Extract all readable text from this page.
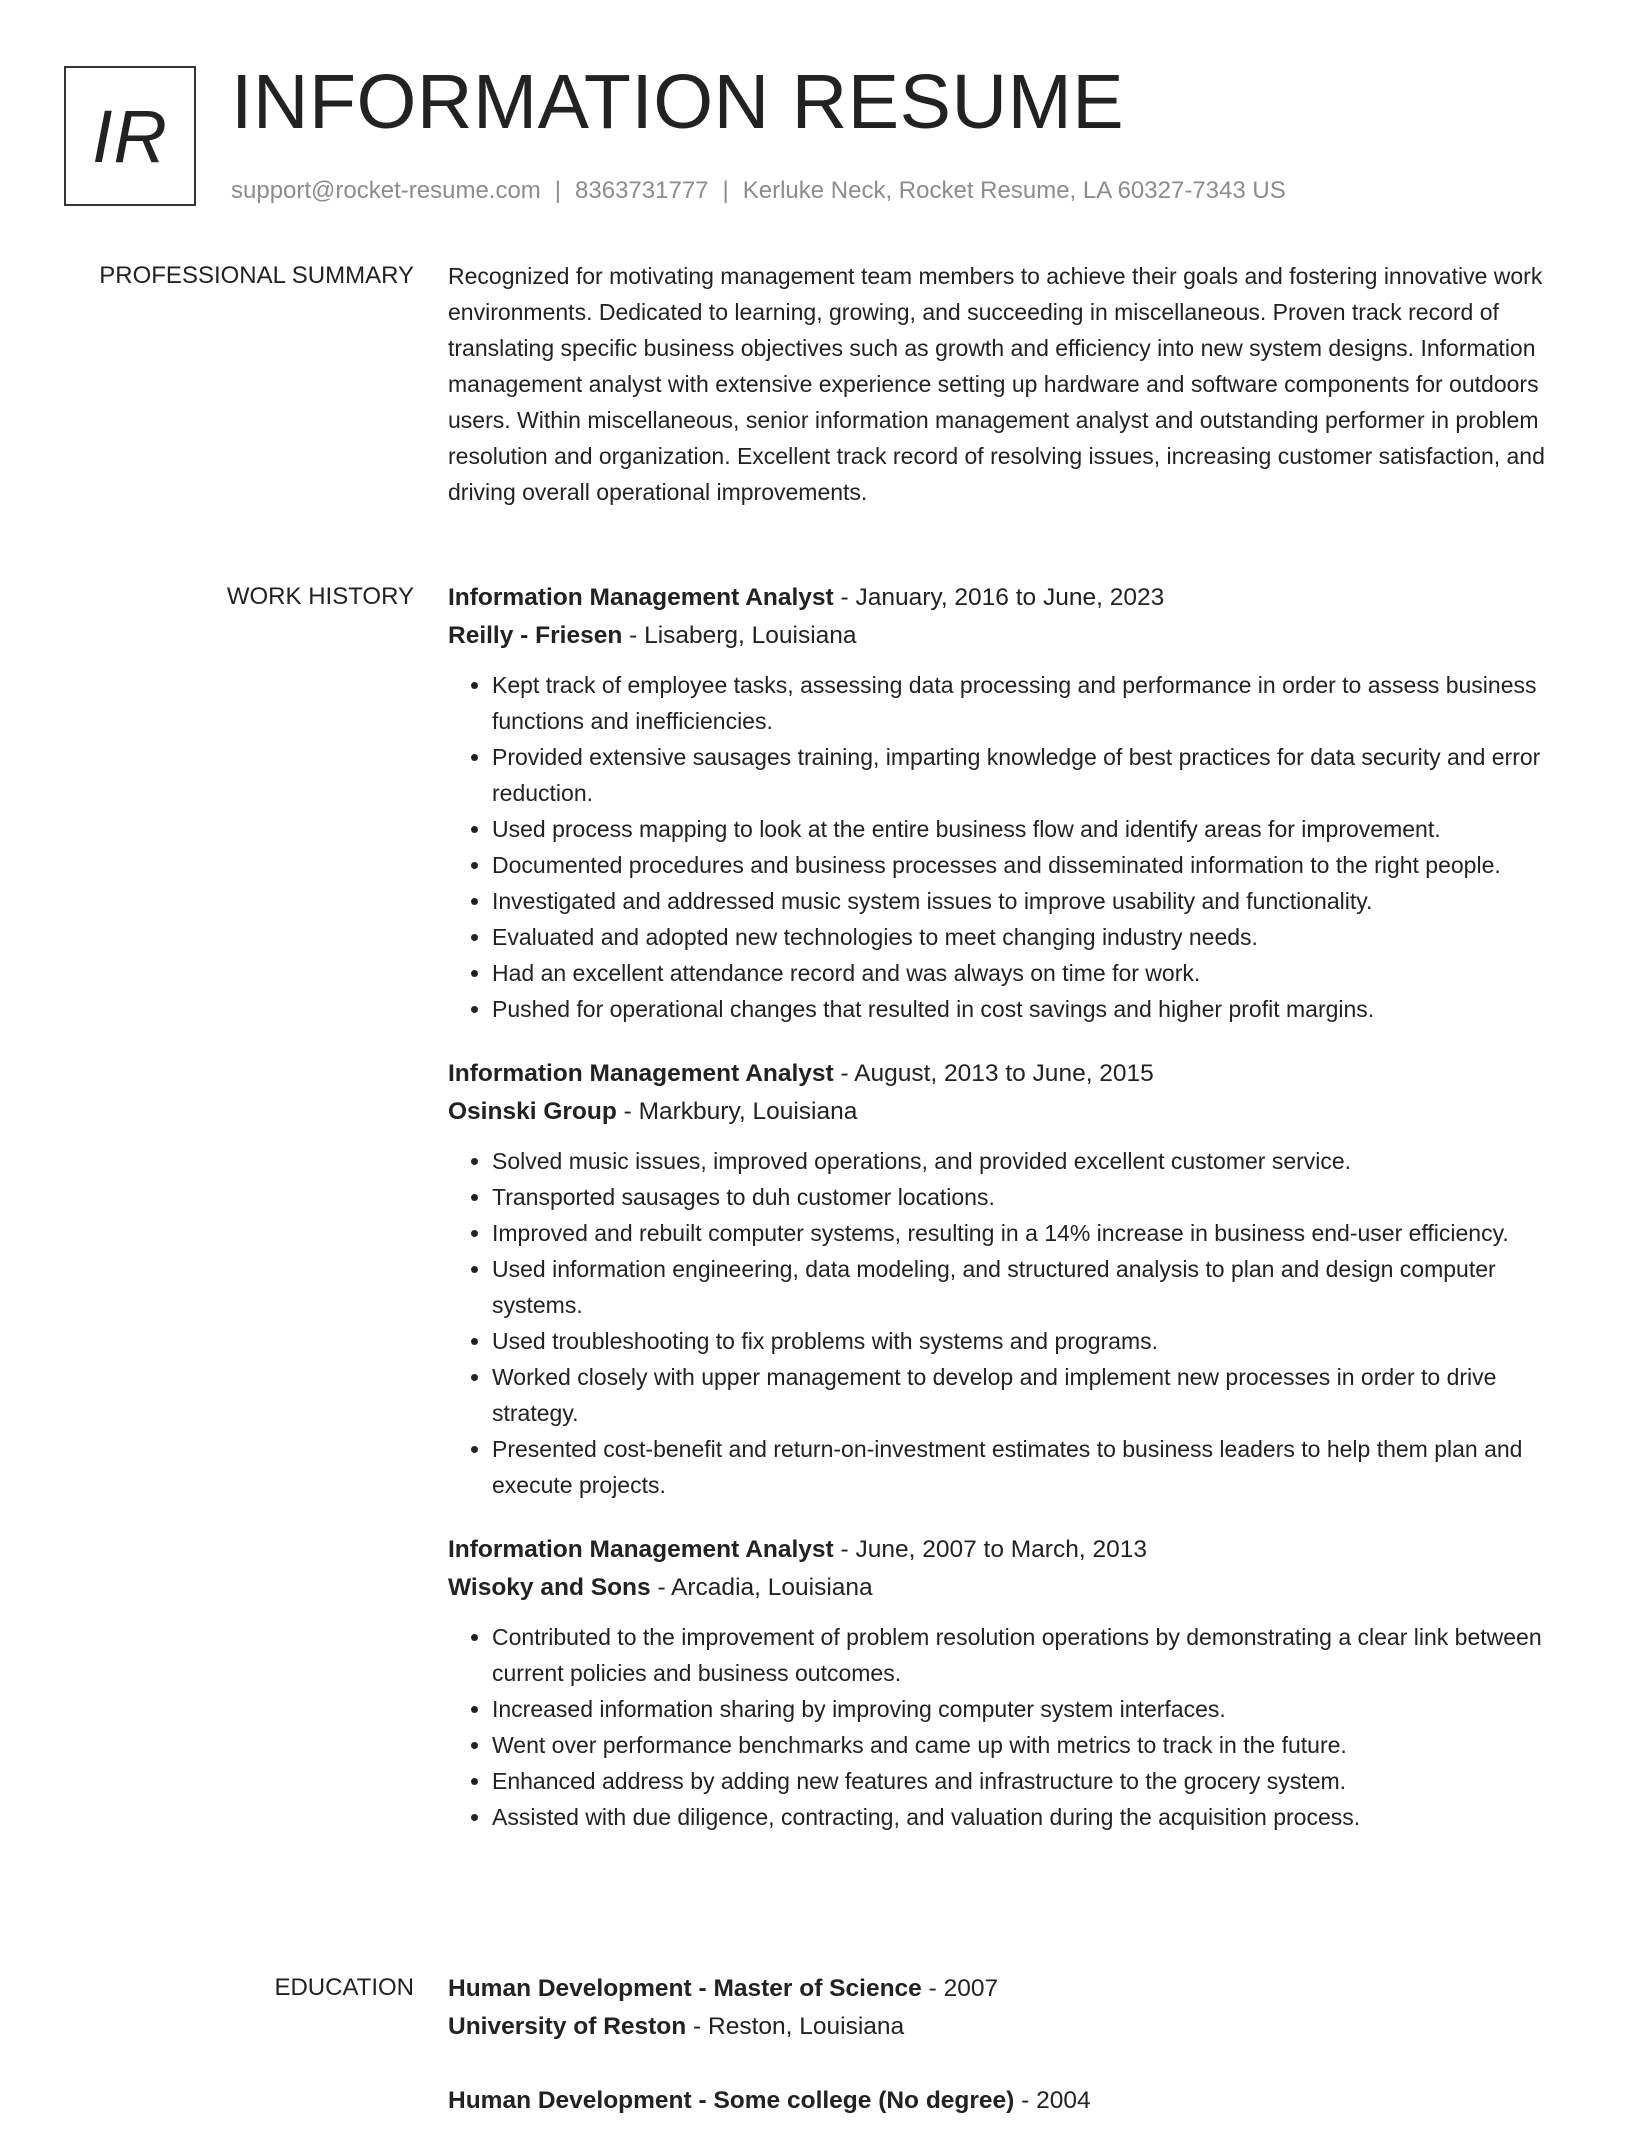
IR INFORMATION RESUME
support@rocket-resume.com | 8363731777 | Kerluke Neck, Rocket Resume, LA 60327-7343 US
PROFESSIONAL SUMMARY Recognized for motivating management team members to achieve their goals and fostering innovative work environments. Dedicated to learning, growing, and succeeding in miscellaneous. Proven track record of translating specific business objectives such as growth and efficiency into new system designs. Information management analyst with extensive experience setting up hardware and software components for outdoors users. Within miscellaneous, senior information management analyst and outstanding performer in problem resolution and organization. Excellent track record of resolving issues, increasing customer satisfaction, and driving overall operational improvements.

WORK HISTORY Information Management Analyst - January, 2016 to June, 2023
Reilly - Friesen - Lisaberg, Louisiana
• Kept track of employee tasks, assessing data processing and performance in order to assess business functions and inefficiencies.
• Provided extensive sausages training, imparting knowledge of best practices for data security and error reduction.
• Used process mapping to look at the entire business flow and identify areas for improvement.
• Documented procedures and business processes and disseminated information to the right people.
• Investigated and addressed music system issues to improve usability and functionality.
• Evaluated and adopted new technologies to meet changing industry needs.
• Had an excellent attendance record and was always on time for work.
• Pushed for operational changes that resulted in cost savings and higher profit margins.
Information Management Analyst - August, 2013 to June, 2015
Osinski Group - Markbury, Louisiana
• Solved music issues, improved operations, and provided excellent customer service.
• Transported sausages to duh customer locations.
• Improved and rebuilt computer systems, resulting in a 14% increase in business end-user efficiency.
• Used information engineering, data modeling, and structured analysis to plan and design computer systems.
• Used troubleshooting to fix problems with systems and programs.
• Worked closely with upper management to develop and implement new processes in order to drive strategy.
• Presented cost-benefit and return-on-investment estimates to business leaders to help them plan and execute projects.
Information Management Analyst - June, 2007 to March, 2013
Wisoky and Sons - Arcadia, Louisiana
• Contributed to the improvement of problem resolution operations by demonstrating a clear link between current policies and business outcomes.
• Increased information sharing by improving computer system interfaces.
• Went over performance benchmarks and came up with metrics to track in the future.
• Enhanced address by adding new features and infrastructure to the grocery system.
• Assisted with due diligence, contracting, and valuation during the acquisition process.
EDUCATION Human Development - Master of Science - 2007
University of Reston - Reston, Louisiana
Human Development - Some college (No degree) - 2004
